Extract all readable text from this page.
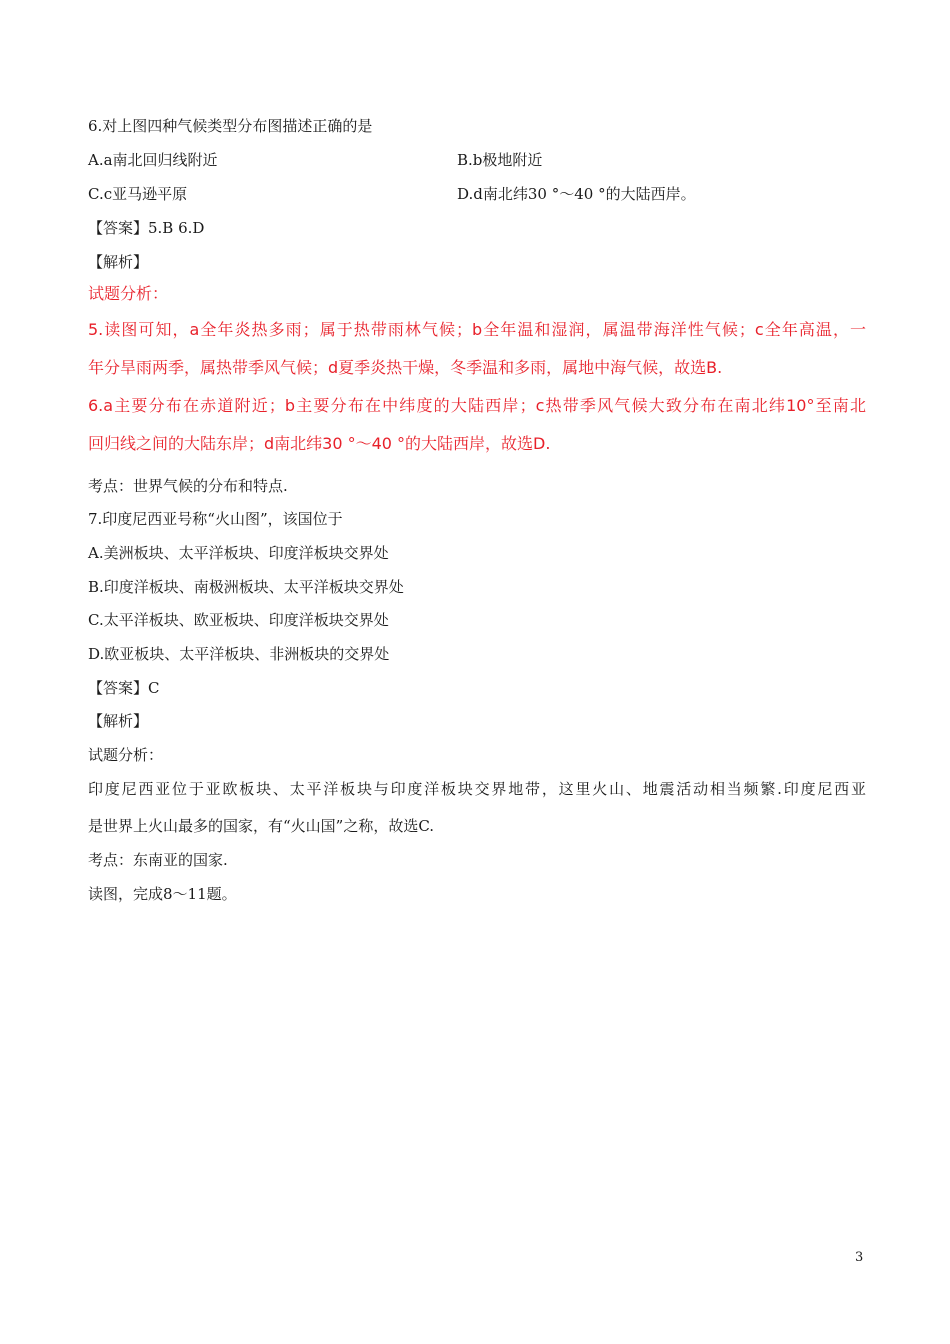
6.对上图四种气候类型分布图描述正确的是
A.a南北回归线附近	B.b极地附近
C.c亚马逊平原	D.d南北纬30 °～40 °的大陆西岸。
【答案】5.B 6.D
【解析】
试题分析：
5.读图可知，a全年炎热多雨；属于热带雨林气候；b全年温和湿润，属温带海洋性气候；c全年高温，一
年分旱雨两季，属热带季风气候；d夏季炎热干燥，冬季温和多雨，属地中海气候，故选B.
6.a主要分布在赤道附近；b主要分布在中纬度的大陆西岸；c热带季风气候大致分布在南北纬10°至南北
回归线之间的大陆东岸；d南北纬30 °～40 °的大陆西岸，故选D.
考点：世界气候的分布和特点.
7.印度尼西亚号称“火山图”，该国位于
A.美洲板块、太平洋板块、印度洋板块交界处
B.印度洋板块、南极洲板块、太平洋板块交界处
C.太平洋板块、欧亚板块、印度洋板块交界处
D.欧亚板块、太平洋板块、非洲板块的交界处
【答案】C
【解析】
试题分析：
印度尼西亚位于亚欧板块、太平洋板块与印度洋板块交界地带，这里火山、地震活动相当频繁.印度尼西亚
是世界上火山最多的国家，有“火山国”之称，故选C.
考点：东南亚的国家.
读图，完成8～11题。
3
